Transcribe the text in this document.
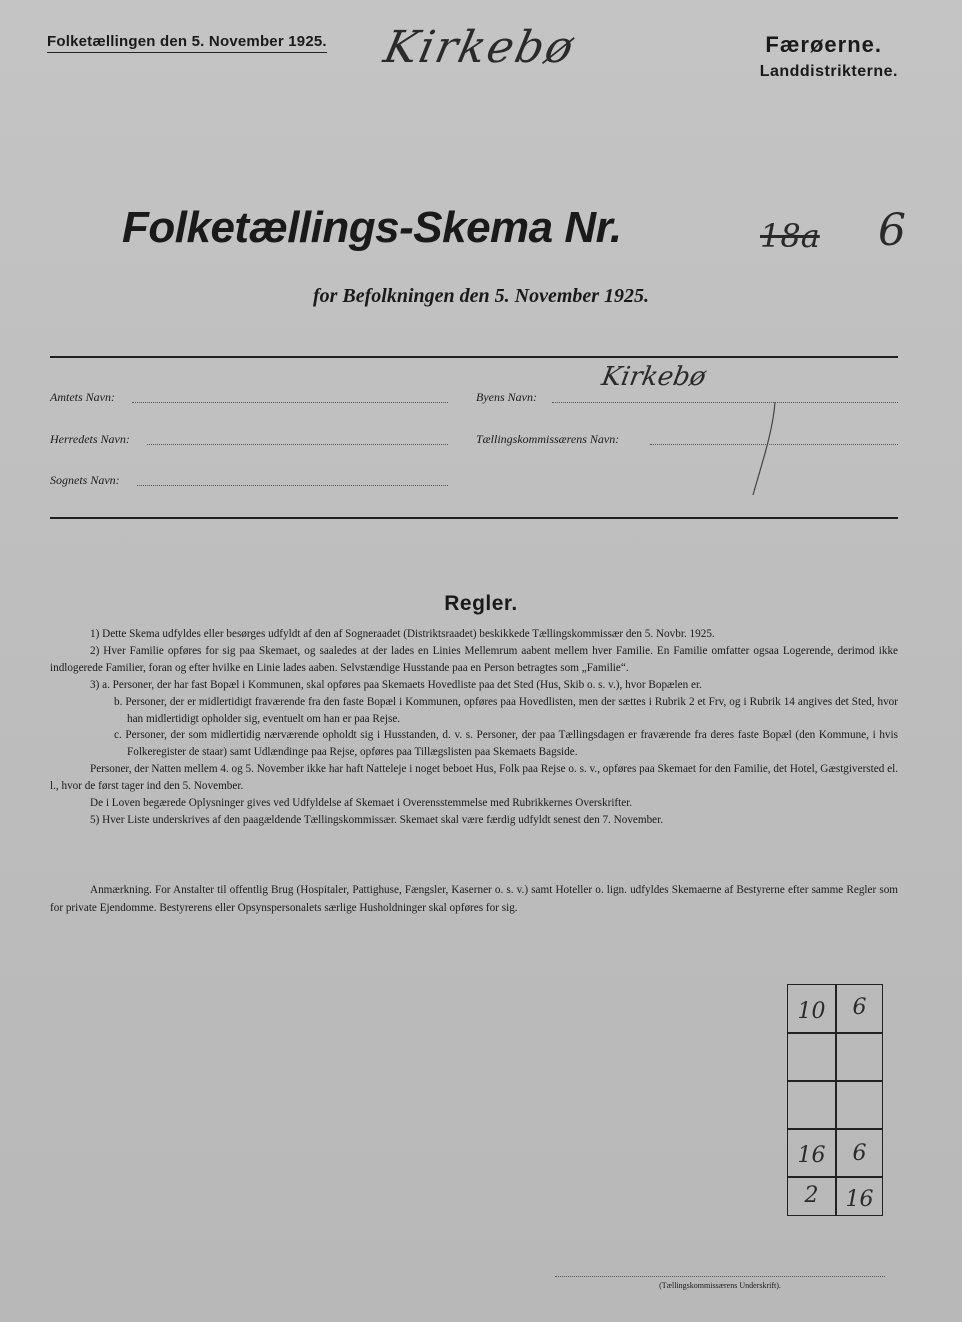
Folketællingen den 5. November 1925. Kirkebø	Færøerne.
Landdistrikterne.
Folketællings-Skema Nr.	18a 6
for Befolkningen den 5. November 1925.
Amtets Navn:	Byens Navn:
Kirkebø
Herredets Navn:	Tællingskommissærens Navn:
Sognets Navn:
Regler.

1) Dette Skema udfyldes eller besørges udfyldt af den af Sogneraadet (Distriktsraadet) beskikkede Tællingskommissær den 5. Novbr. 1925.

2) Hver Familie opføres for sig paa Skemaet, og saaledes at der lades en Linies Mellemrum aabent mellem hver Familie. En Familie omfatter ogsaa Logerende, derimod ikke indlogerede Familier, foran og efter hvilke en Linie lades aaben. Selvstændige Husstande paa en Person betragtes som „Familie“.

3) a. Personer, der har fast Bopæl i Kommunen, skal opføres paa Skemaets Hovedliste paa det Sted (Hus, Skib o. s. v.), hvor Bopælen er.

b. Personer, der er midlertidigt fraværende fra den faste Bopæl i Kommunen, opføres paa Hovedlisten, men der sættes i Rubrik 2 et Frv, og i Rubrik 14 angives det Sted, hvor han midlertidigt opholder sig, eventuelt om han er paa Rejse.

c. Personer, der som midlertidig nærværende opholdt sig i Husstanden, d. v. s. Personer, der paa Tællingsdagen er fraværende fra deres faste Bopæl (den Kommune, i hvis Folkeregister de staar) samt Udlændinge paa Rejse, opføres paa Tillægslisten paa Skemaets Bagside.

Personer, der Natten mellem 4. og 5. November ikke har haft Natteleje i noget beboet Hus, Folk paa Rejse o. s. v., opføres paa Skemaet for den Familie, det Hotel, Gæstgiversted el. l., hvor de først tager ind den 5. November.

De i Loven begærede Oplysninger gives ved Udfyldelse af Skemaet i Overensstemmelse med Rubrikkernes Overskrifter.

5) Hver Liste underskrives af den paagældende Tællingskommissær. Skemaet skal være færdig udfyldt senest den 7. November.

Anmærkning. For Anstalter til offentlig Brug (Hospitaler, Pattighuse, Fængsler, Kaserner o. s. v.) samt Hoteller o. lign. udfyldes Skemaerne af Bestyrerne efter samme Regler som for private Ejendomme. Bestyrerens eller Opsynspersonalets særlige Husholdninger skal opføres for sig.
10	6
16	6
2	16
(Tællingskommissærens Underskrift).
